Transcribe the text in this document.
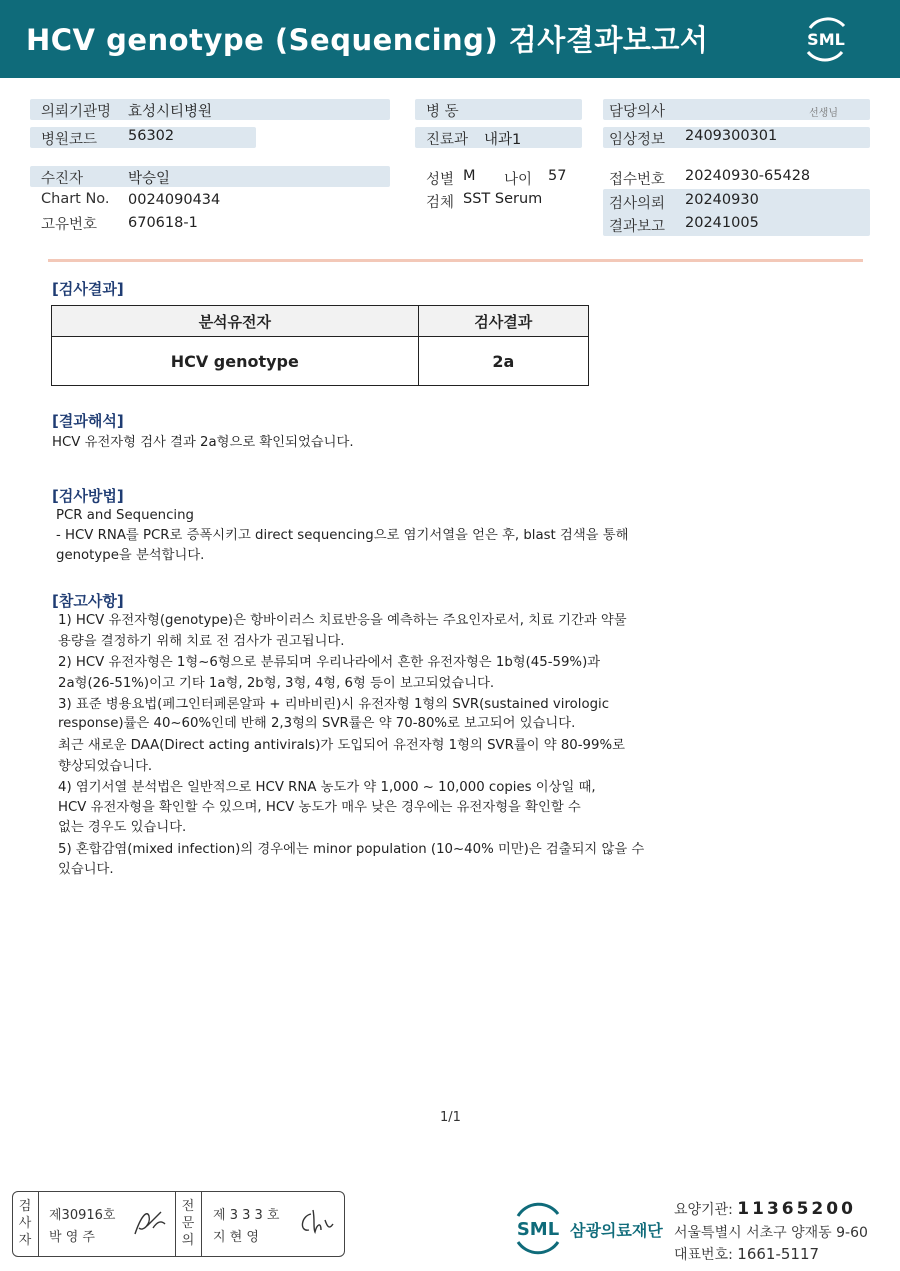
HCV genotype (Sequencing) 검사결과보고서	SML
의뢰기관명 효성시티병원
병원코드 56302
수진자	박승일
Chart No. 0024090434
고유번호 670618-1
병 동
진료과 내과1
성별 M 나이 57
검체 SST Serum
담당의사	선생님
임상정보 2409300301
접수번호 20240930-65428
검사의뢰 20240930
결과보고 20241005
[검사결과]
분석유전자	검사결과
HCV genotype	2a
[결과해석]
HCV 유전자형 검사 결과 2a형으로 확인되었습니다.
[검사방법]
PCR and Sequencing
- HCV RNA를 PCR로 증폭시키고 direct sequencing으로 염기서열을 얻은 후, blast 검색을 통해
genotype을 분석합니다.
[참고사항]
1) HCV 유전자형(genotype)은 항바이러스 치료반응을 예측하는 주요인자로서, 치료 기간과 약물
용량을 결정하기 위해 치료 전 검사가 권고됩니다.
2) HCV 유전자형은 1형~6형으로 분류되며 우리나라에서 흔한 유전자형은 1b형(45-59%)과
2a형(26-51%)이고 기타 1a형, 2b형, 3형, 4형, 6형 등이 보고되었습니다.
3) 표준 병용요법(페그인터페론알파 + 리바비린)시 유전자형 1형의 SVR(sustained virologic
response)률은 40~60%인데 반해 2,3형의 SVR률은 약 70-80%로 보고되어 있습니다.
최근 새로운 DAA(Direct acting antivirals)가 도입되어 유전자형 1형의 SVR률이 약 80-99%로
향상되었습니다.
4) 염기서열 분석법은 일반적으로 HCV RNA 농도가 약 1,000 ~ 10,000 copies 이상일 때,
HCV 유전자형을 확인할 수 있으며, HCV 농도가 매우 낮은 경우에는 유전자형을 확인할 수
없는 경우도 있습니다.
5) 혼합감염(mixed infection)의 경우에는 minor population (10~40% 미만)은 검출되지 않을 수
있습니다.
1/1
검
사
자
제30916호
박 영 주
전
문
의
제 3 3 3 호
지 현 영	SML 삼광의료재단
요양기관: 11365200
서울특별시 서초구 양재동 9-60
대표번호: 1661-5117
